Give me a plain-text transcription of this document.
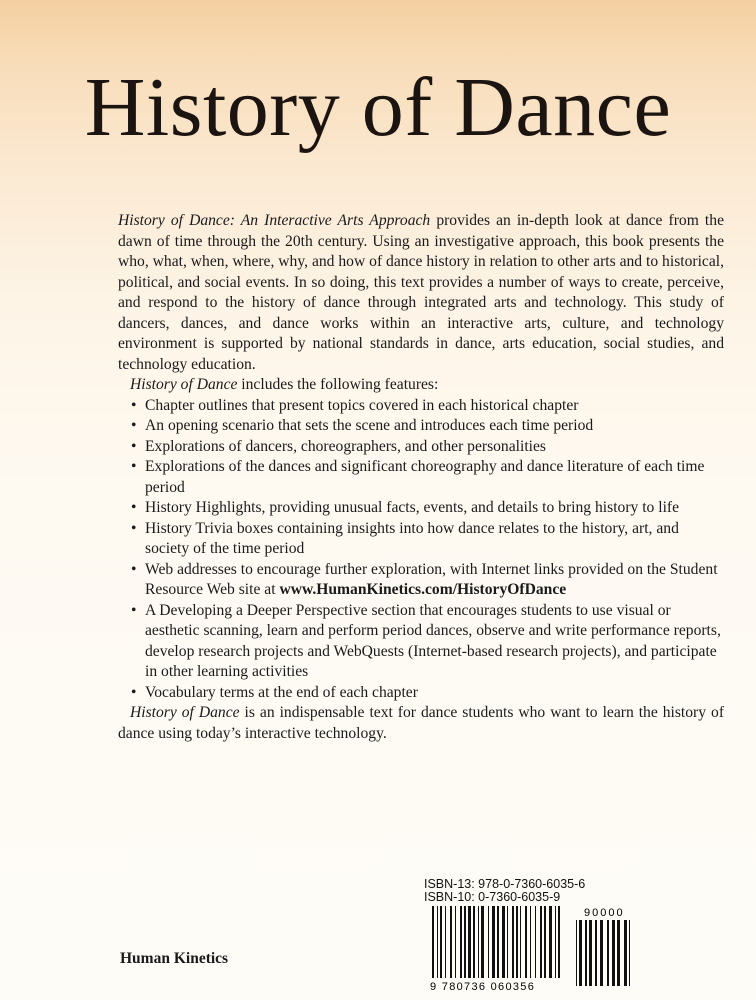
History of Dance

History of Dance: An Interactive Arts Approach provides an in-depth look at dance from the dawn of time through the 20th century. Using an investigative approach, this book presents the who, what, when, where, why, and how of dance history in relation to other arts and to historical, political, and social events. In so doing, this text provides a number of ways to create, perceive, and respond to the history of dance through integrated arts and technology. This study of dancers, dances, and dance works within an interactive arts, culture, and technology environment is supported by national standards in dance, arts education, social studies, and technology education.

History of Dance includes the following features:

• Chapter outlines that present topics covered in each historical chapter
• An opening scenario that sets the scene and introduces each time period
• Explorations of dancers, choreographers, and other personalities
• Explorations of the dances and significant choreography and dance literature of each time period
• History Highlights, providing unusual facts, events, and details to bring history to life
• History Trivia boxes containing insights into how dance relates to the history, art, and society of the time period
• Web addresses to encourage further exploration, with Internet links provided on the Student Resource Web site at www.HumanKinetics.com/HistoryOfDance
• A Developing a Deeper Perspective section that encourages students to use visual or aesthetic scanning, learn and perform period dances, observe and write performance reports, develop research projects and WebQuests (Internet-based research projects), and participate in other learning activities
• Vocabulary terms at the end of each chapter

History of Dance is an indispensable text for dance students who want to learn the history of dance using today’s interactive technology.

Human Kinetics
ISBN-13: 978-0-7360-6035-6
ISBN-10: 0-7360-6035-9
9 780736 060356
90000
